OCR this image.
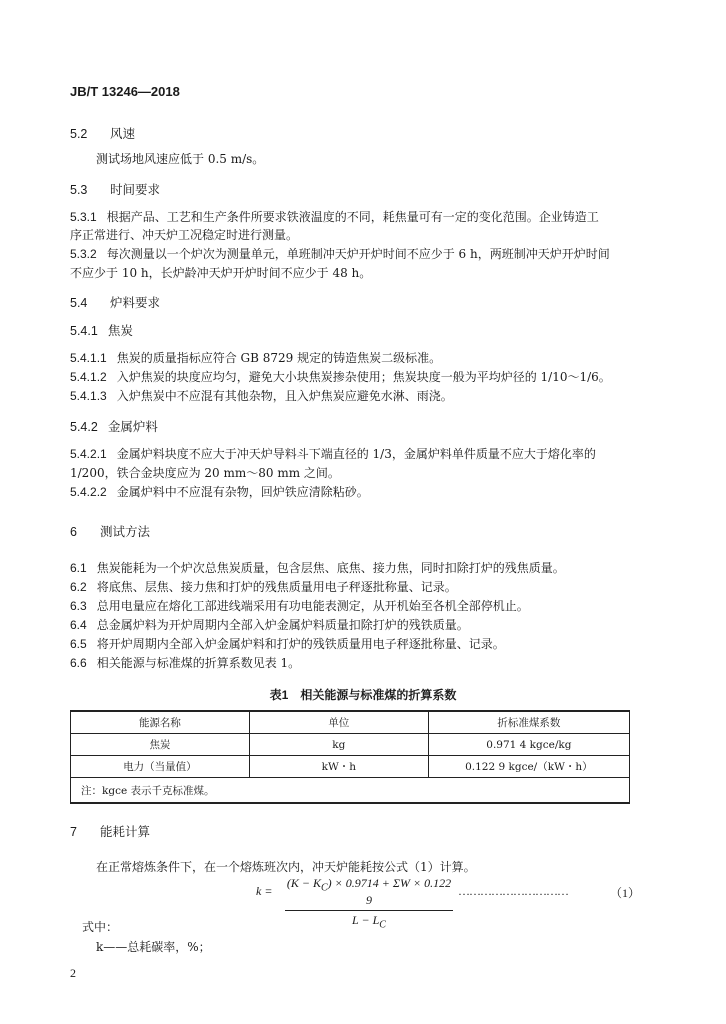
JB/T 13246—2018
5.2 风速
测试场地风速应低于 0.5 m/s。
5.3 时间要求
5.3.1 根据产品、工艺和生产条件所要求铁液温度的不同，耗焦量可有一定的变化范围。企业铸造工
序正常进行、冲天炉工况稳定时进行测量。
5.3.2 每次测量以一个炉次为测量单元，单班制冲天炉开炉时间不应少于 6 h，两班制冲天炉开炉时间
不应少于 10 h，长炉龄冲天炉开炉时间不应少于 48 h。
5.4 炉料要求
5.4.1 焦炭
5.4.1.1 焦炭的质量指标应符合 GB 8729 规定的铸造焦炭二级标准。
5.4.1.2 入炉焦炭的块度应均匀，避免大小块焦炭掺杂使用；焦炭块度一般为平均炉径的 1/10～1/6。
5.4.1.3 入炉焦炭中不应混有其他杂物，且入炉焦炭应避免水淋、雨浇。
5.4.2 金属炉料
5.4.2.1 金属炉料块度不应大于冲天炉导料斗下端直径的 1/3，金属炉料单件质量不应大于熔化率的
1/200，铁合金块度应为 20 mm～80 mm 之间。
5.4.2.2 金属炉料中不应混有杂物，回炉铁应清除粘砂。
6 测试方法
6.1 焦炭能耗为一个炉次总焦炭质量，包含层焦、底焦、接力焦，同时扣除打炉的残焦质量。
6.2 将底焦、层焦、接力焦和打炉的残焦质量用电子秤逐批称量、记录。
6.3 总用电量应在熔化工部进线端采用有功电能表测定，从开机始至各机全部停机止。
6.4 总金属炉料为开炉周期内全部入炉金属炉料质量扣除打炉的残铁质量。
6.5 将开炉周期内全部入炉金属炉料和打炉的残铁质量用电子秤逐批称量、记录。
6.6 相关能源与标准煤的折算系数见表 1。
表1　相关能源与标准煤的折算系数
能源名称	单位	折标准煤系数
焦炭	kg	0.971 4 kgce/kg
电力（当量值）	kW・h	0.122 9 kgce/（kW・h）
注：kgce 表示千克标准煤。		
7 能耗计算
在正常熔炼条件下，在一个熔炼班次内，冲天炉能耗按公式（1）计算。
k =
$(K - K_C) \times 0.9714 + \Sigma W \times 0.122$ 9
$L - L_C$
…………………………	（1）
式中：
k——总耗碳率，%；
2
